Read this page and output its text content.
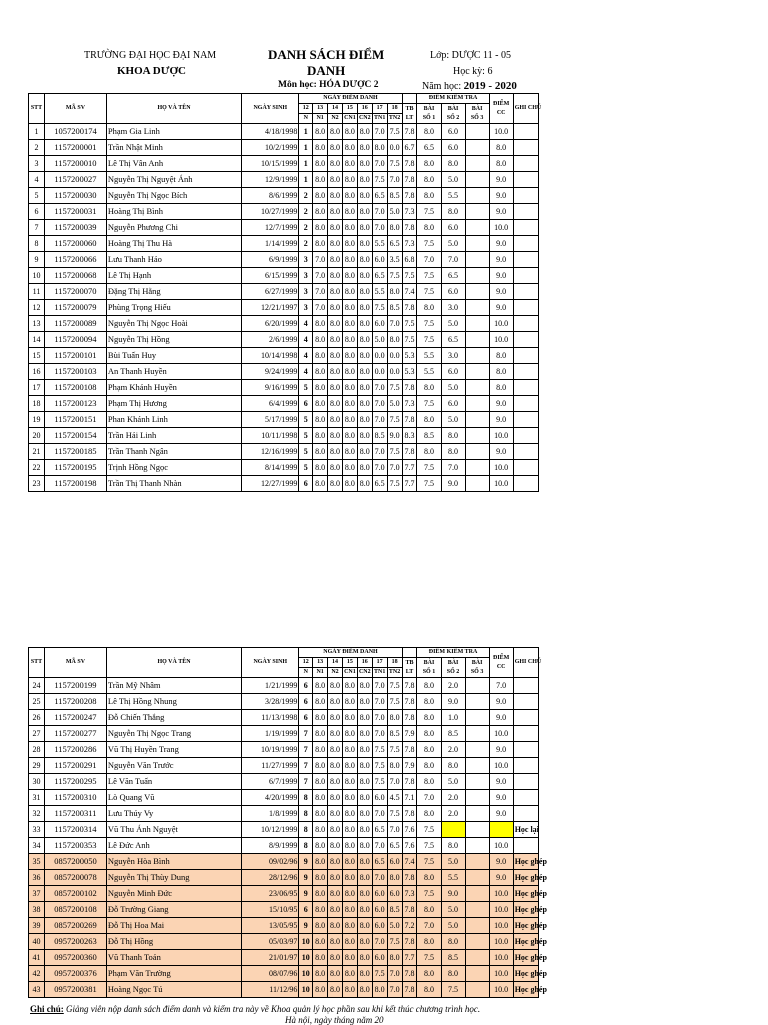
TRƯỜNG ĐẠI HỌC ĐẠI NAM
KHOA DƯỢC
DANH SÁCH ĐIỂM
DANH
Môn học: HÓA DƯỢC 2
Lớp: DƯỢC 11 - 05
Học kỳ: 6
Năm học: 2019 - 2020
STT	MÃ SV	HỌ VÀ TÊN	NGÀY SINH	NGÀY ĐIỂM DANH								ĐIỂM KIỂM TRA			ĐIỂM
CC	GHI CHÚ
				12	13	14	15	16	17	18	TB
LT	BÀI
SỐ 1	BÀI
SỐ 2	BÀI
SỐ 3		
				N	N1	N2	CN1	CN2	TN1	TN2						
1	1057200174	Phạm Gia Linh	4/18/1998	1	8.0	8.0	8.0	8.0	7.0	7.5	7.8	8.0	6.0		10.0	
2	1157200001	Trần Nhật Minh	10/2/1999	1	8.0	8.0	8.0	8.0	8.0	0.0	6.7	6.5	6.0		8.0	
3	1157200010	Lê Thị Vân Anh	10/15/1999	1	8.0	8.0	8.0	8.0	7.0	7.5	7.8	8.0	8.0		8.0	
4	1157200027	Nguyễn Thị Nguyệt Ánh	12/9/1999	1	8.0	8.0	8.0	8.0	7.5	7.0	7.8	8.0	5.0		9.0	
5	1157200030	Nguyễn Thị Ngọc Bích	8/6/1999	2	8.0	8.0	8.0	8.0	6.5	8.5	7.8	8.0	5.5		9.0	
6	1157200031	Hoàng Thị Bình	10/27/1999	2	8.0	8.0	8.0	8.0	7.0	5.0	7.3	7.5	8.0		9.0	
7	1157200039	Nguyễn Phương Chi	12/7/1999	2	8.0	8.0	8.0	8.0	7.0	8.0	7.8	8.0	6.0		10.0	
8	1157200060	Hoàng Thị Thu Hà	1/14/1999	2	8.0	8.0	8.0	8.0	5.5	6.5	7.3	7.5	5.0		9.0	
9	1157200066	Lưu Thanh Hảo	6/9/1999	3	7.0	8.0	8.0	8.0	6.0	3.5	6.8	7.0	7.0		9.0	
10	1157200068	Lê Thị Hạnh	6/15/1999	3	7.0	8.0	8.0	8.0	6.5	7.5	7.5	7.5	6.5		9.0	
11	1157200070	Đặng Thị Hằng	6/27/1999	3	7.0	8.0	8.0	8.0	5.5	8.0	7.4	7.5	6.0		9.0	
12	1157200079	Phùng Trọng Hiếu	12/21/1997	3	7.0	8.0	8.0	8.0	7.5	8.5	7.8	8.0	3.0		9.0	
13	1157200089	Nguyễn Thị Ngọc Hoài	6/20/1999	4	8.0	8.0	8.0	8.0	6.0	7.0	7.5	7.5	5.0		10.0	
14	1157200094	Nguyễn Thị Hồng	2/6/1999	4	8.0	8.0	8.0	8.0	5.0	8.0	7.5	7.5	6.5		10.0	
15	1157200101	Bùi Tuấn Huy	10/14/1998	4	8.0	8.0	8.0	8.0	0.0	0.0	5.3	5.5	3.0		8.0	
16	1157200103	An Thanh Huyền	9/24/1999	4	8.0	8.0	8.0	8.0	0.0	0.0	5.3	5.5	6.0		8.0	
17	1157200108	Phạm Khánh Huyền	9/16/1999	5	8.0	8.0	8.0	8.0	7.0	7.5	7.8	8.0	5.0		8.0	
18	1157200123	Phạm Thị Hương	6/4/1999	6	8.0	8.0	8.0	8.0	7.0	5.0	7.3	7.5	6.0		9.0	
19	1157200151	Phan Khánh Linh	5/17/1999	5	8.0	8.0	8.0	8.0	7.0	7.5	7.8	8.0	5.0		9.0	
20	1157200154	Trần Hải Linh	10/11/1998	5	8.0	8.0	8.0	8.0	8.5	9.0	8.3	8.5	8.0		10.0	
21	1157200185	Trần Thanh Ngân	12/16/1999	5	8.0	8.0	8.0	8.0	7.0	7.5	7.8	8.0	8.0		9.0	
22	1157200195	Trịnh Hồng Ngọc	8/14/1999	5	8.0	8.0	8.0	8.0	7.0	7.0	7.7	7.5	7.0		10.0	
23	1157200198	Trần Thị Thanh Nhàn	12/27/1999	6	8.0	8.0	8.0	8.0	6.5	7.5	7.7	7.5	9.0		10.0	
STT	MÃ SV	HỌ VÀ TÊN	NGÀY SINH	NGÀY ĐIỂM DANH								ĐIỂM KIỂM TRA			ĐIỂM
CC	GHI CHÚ
				12	13	14	15	16	17	18	TB
LT	BÀI
SỐ 1	BÀI
SỐ 2	BÀI
SỐ 3		
				N	N1	N2	CN1	CN2	TN1	TN2						
24	1157200199	Trần Mỹ Nhâm	1/21/1999	6	8.0	8.0	8.0	8.0	7.0	7.5	7.8	8.0	2.0		7.0	
25	1157200208	Lê Thị Hồng Nhung	3/28/1999	6	8.0	8.0	8.0	8.0	7.0	7.5	7.8	8.0	9.0		9.0	
26	1157200247	Đỗ Chiến Thắng	11/13/1998	6	8.0	8.0	8.0	8.0	7.0	8.0	7.8	8.0	1.0		9.0	
27	1157200277	Nguyễn Thị Ngọc Trang	1/19/1999	7	8.0	8.0	8.0	8.0	7.0	8.5	7.9	8.0	8.5		10.0	
28	1157200286	Vũ Thị Huyền Trang	10/19/1999	7	8.0	8.0	8.0	8.0	7.5	7.5	7.8	8.0	2.0		9.0	
29	1157200291	Nguyễn Văn Trước	11/27/1999	7	8.0	8.0	8.0	8.0	7.5	8.0	7.9	8.0	8.0		10.0	
30	1157200295	Lê Văn Tuấn	6/7/1999	7	8.0	8.0	8.0	8.0	7.5	7.0	7.8	8.0	5.0		9.0	
31	1157200310	Lò Quang Vũ	4/20/1999	8	8.0	8.0	8.0	8.0	6.0	4.5	7.1	7.0	2.0		9.0	
32	1157200311	Lưu Thúy Vy	1/8/1999	8	8.0	8.0	8.0	8.0	7.0	7.5	7.8	8.0	2.0		9.0	
33	1157200314	Vũ Thu Ánh Nguyệt	10/12/1999	8	8.0	8.0	8.0	8.0	6.5	7.0	7.6	7.5				Học lại
34	1157200353	Lê Đức Anh	8/9/1999	8	8.0	8.0	8.0	8.0	7.0	6.5	7.6	7.5	8.0		10.0	
35	0857200050	Nguyễn Hòa Bình	09/02/96	9	8.0	8.0	8.0	8.0	6.5	6.0	7.4	7.5	5.0		9.0	Học ghép
36	0857200078	Nguyễn Thị Thùy Dung	28/12/96	9	8.0	8.0	8.0	8.0	7.0	8.0	7.8	8.0	5.5		9.0	Học ghép
37	0857200102	Nguyễn Minh Đức	23/06/95	9	8.0	8.0	8.0	8.0	6.0	6.0	7.3	7.5	9.0		10.0	Học ghép
38	0857200108	Đỗ Trường Giang	15/10/95	6	8.0	8.0	8.0	8.0	6.0	8.5	7.8	8.0	5.0		10.0	Học ghép
39	0857200269	Đỗ Thị Hoa Mai	13/05/95	9	8.0	8.0	8.0	8.0	6.0	5.0	7.2	7.0	5.0		10.0	Học ghép
40	0957200263	Đỗ Thị Hồng	05/03/97	10	8.0	8.0	8.0	8.0	7.0	7.5	7.8	8.0	8.0		10.0	Học ghép
41	0957200360	Vũ Thanh Toản	21/01/97	10	8.0	8.0	8.0	8.0	6.0	8.0	7.7	7.5	8.5		10.0	Học ghép
42	0957200376	Phạm Văn Trường	08/07/96	10	8.0	8.0	8.0	8.0	7.5	7.0	7.8	8.0	8.0		10.0	Học ghép
43	0957200381	Hoàng Ngọc Tú	11/12/96	10	8.0	8.0	8.0	8.0	8.0	7.0	7.8	8.0	7.5		10.0	Học ghép
Ghi chú: Giảng viên nộp danh sách điểm danh và kiểm tra này về Khoa quản lý học phần sau khi kết thúc chương trình học.
Hà nội, ngày tháng năm 20
